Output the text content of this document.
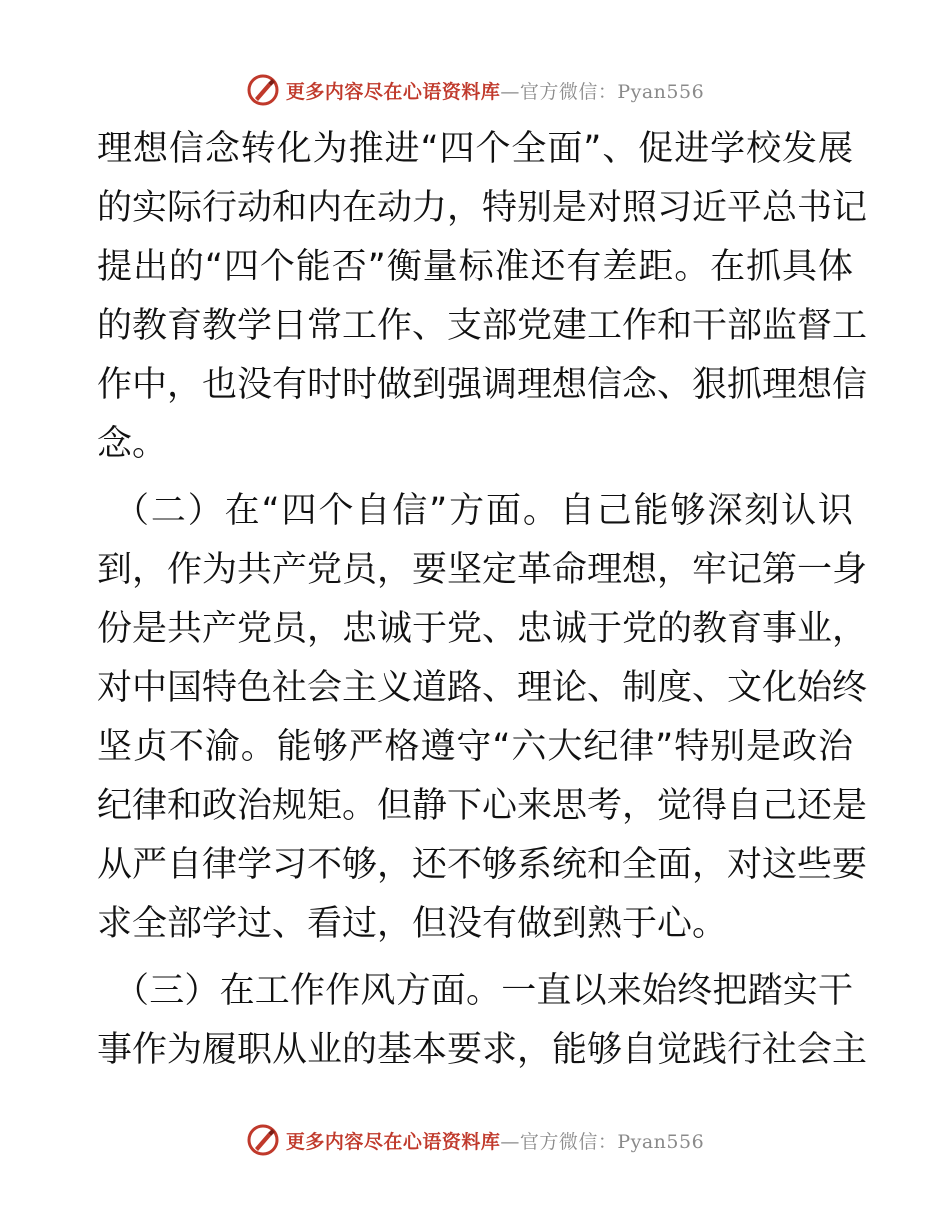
更多内容尽在心语资料库—官方微信：Pyan556
理想信念转化为推进“四个全面”、促进学校发展
的实际行动和内在动力，特别是对照习近平总书记
提出的“四个能否”衡量标准还有差距。在抓具体
的教育教学日常工作、支部党建工作和干部监督工
作中，也没有时时做到强调理想信念、狠抓理想信
念。
（二）在“四个自信”方面。自己能够深刻认识
到，作为共产党员，要坚定革命理想，牢记第一身
份是共产党员，忠诚于党、忠诚于党的教育事业，
对中国特色社会主义道路、理论、制度、文化始终
坚贞不渝。能够严格遵守“六大纪律”特别是政治
纪律和政治规矩。但静下心来思考，觉得自己还是
从严自律学习不够，还不够系统和全面，对这些要
求全部学过、看过，但没有做到熟于心。
（三）在工作作风方面。一直以来始终把踏实干
事作为履职从业的基本要求，能够自觉践行社会主
更多内容尽在心语资料库—官方微信：Pyan556
